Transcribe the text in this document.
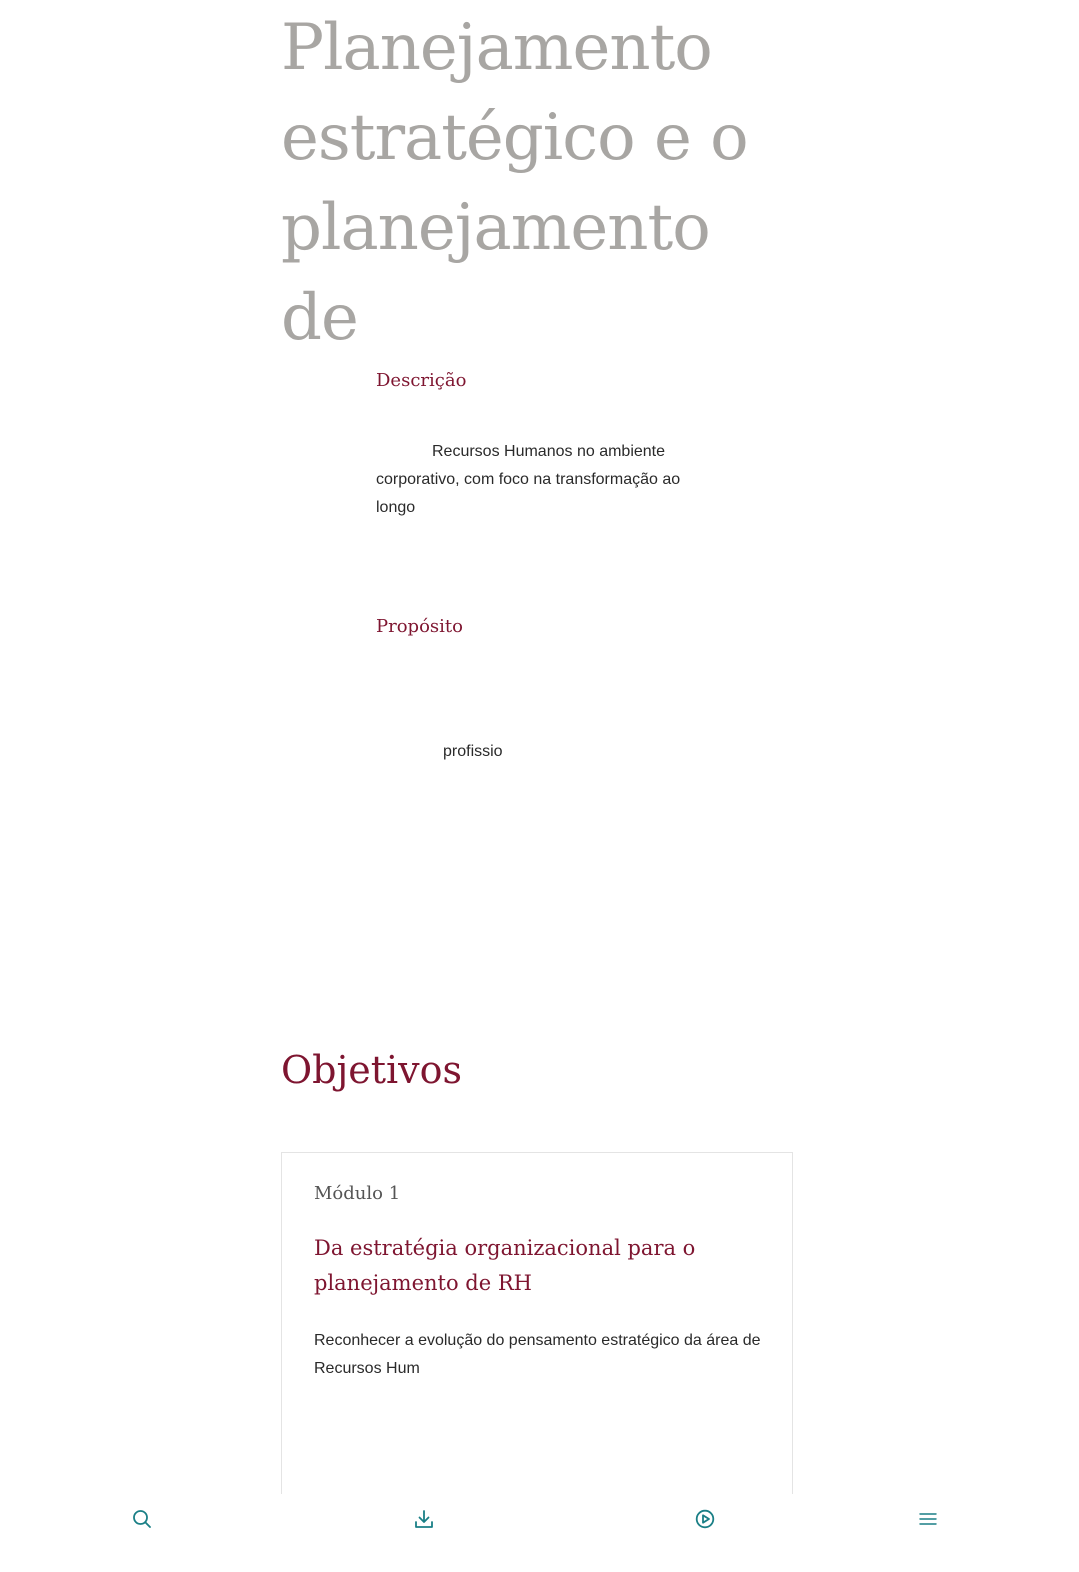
Planejamento estratégico e o planejamento de
Descrição

Recursos Humanos no ambiente corporativo, com foco na transformação ao longo

Propósito

profissio

Objetivos

Módulo 1

Da estratégia organizacional para o planejamento de RH

Reconhecer a evolução do pensamento estratégico da área de Recursos Hum
